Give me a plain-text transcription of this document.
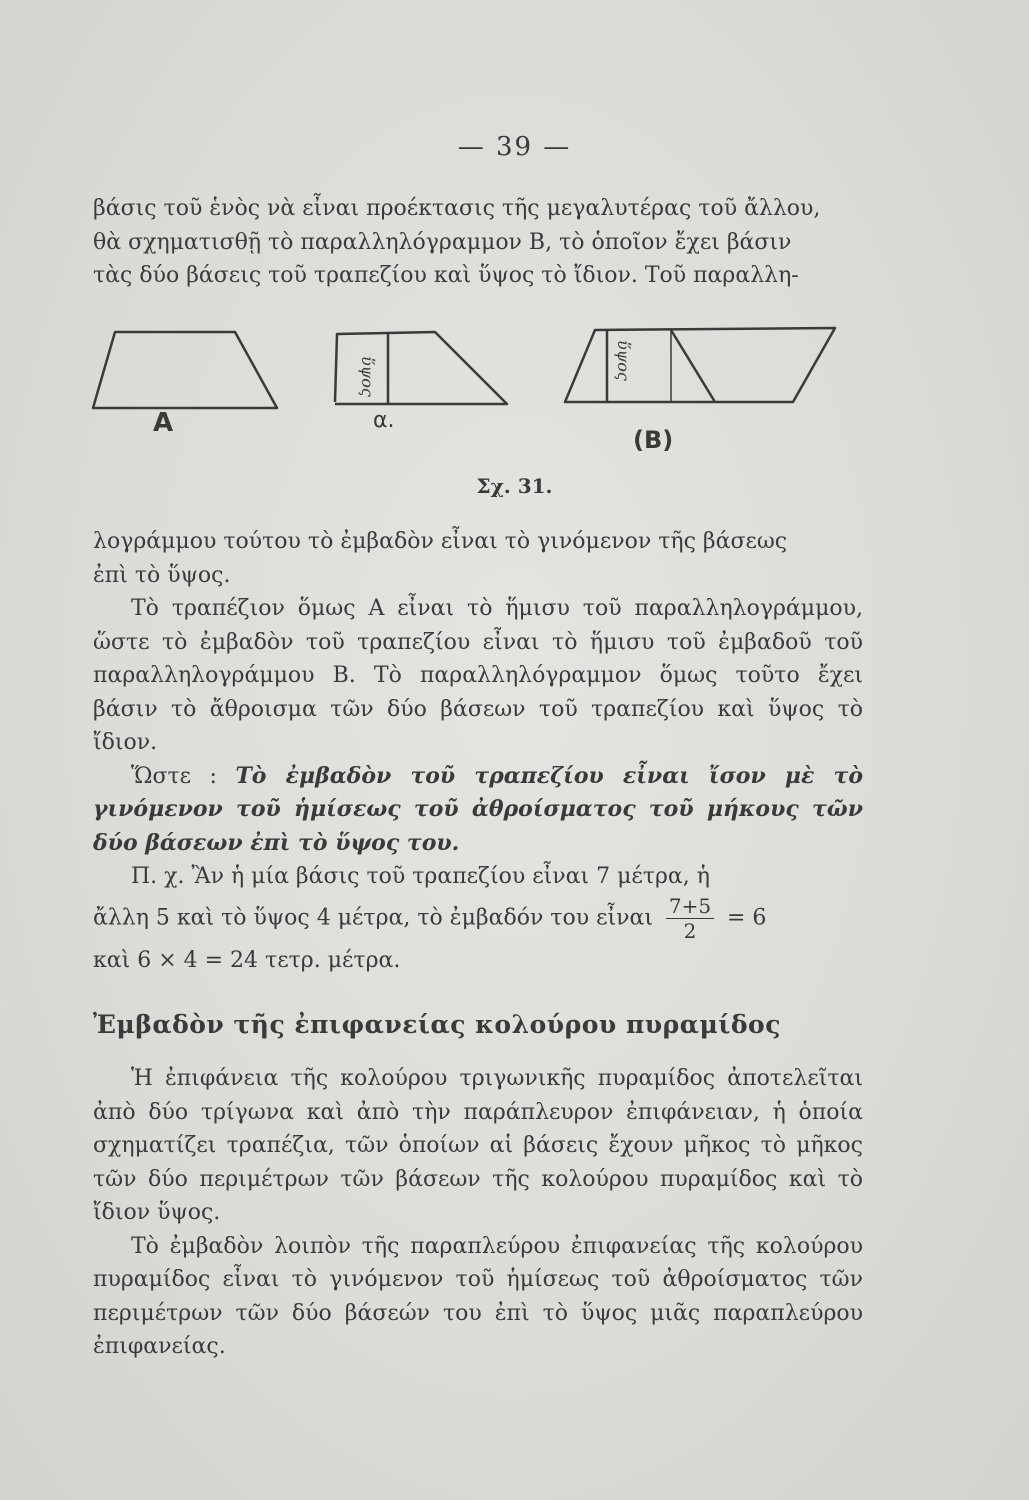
— 39 —

βάσις τοῦ ἑνὸς νὰ εἶναι προέκτασις τῆς μεγαλυτέρας τοῦ ἄλλου,

θὰ σχηματισθῇ τὸ παραλληλόγραμμον Β, τὸ ὁποῖον ἔχει βάσιν

τὰς δύο βάσεις τοῦ τραπεζίου καὶ ὕψος τὸ ἴδιον. Τοῦ παραλλη-

A	α.
(B)
ὕψος	ὕψος
Σχ. 31.

λογράμμου τούτου τὸ ἐμβαδὸν εἶναι τὸ γινόμενον τῆς βάσεως

ἐπὶ τὸ ὕψος.

Τὸ τραπέζιον ὅμως Α εἶναι τὸ ἥμισυ τοῦ παραλληλογράμμου, ὥστε τὸ ἐμβαδὸν τοῦ τραπεζίου εἶναι τὸ ἥμισυ τοῦ ἐμβαδοῦ τοῦ παραλληλογράμμου Β. Τὸ παραλληλόγραμμον ὅμως τοῦτο ἔχει βάσιν τὸ ἄθροισμα τῶν δύο βάσεων τοῦ τραπεζίου καὶ ὕψος τὸ ἴδιον.

Ὥστε : Τὸ ἐμβαδὸν τοῦ τραπεζίου εἶναι ἴσον μὲ τὸ γινόμενον τοῦ ἡμίσεως τοῦ ἀθροίσματος τοῦ μήκους τῶν δύο βάσεων ἐπὶ τὸ ὕψος του.

Π. χ. Ἂν ἡ μία βάσις τοῦ τραπεζίου εἶναι 7 μέτρα, ἡ

ἄλλη 5 καὶ τὸ ὕψος 4 μέτρα, τὸ ἐμβαδόν του εἶναι $\frac{7+5}{2} = 6$

καὶ 6 × 4 = 24 τετρ. μέτρα.

Ἐμβαδὸν τῆς ἐπιφανείας κολούρου πυραμίδος

Ἡ ἐπιφάνεια τῆς κολούρου τριγωνικῆς πυραμίδος ἀποτελεῖται ἀπὸ δύο τρίγωνα καὶ ἀπὸ τὴν παράπλευρον ἐπιφάνειαν, ἡ ὁποία σχηματίζει τραπέζια, τῶν ὁποίων αἱ βάσεις ἔχουν μῆκος τὸ μῆκος τῶν δύο περιμέτρων τῶν βάσεων τῆς κολούρου πυραμίδος καὶ τὸ ἴδιον ὕψος.

Τὸ ἐμβαδὸν λοιπὸν τῆς παραπλεύρου ἐπιφανείας τῆς κολούρου πυραμίδος εἶναι τὸ γινόμενον τοῦ ἡμίσεως τοῦ ἀθροίσματος τῶν περιμέτρων τῶν δύο βάσεών του ἐπὶ τὸ ὕψος μιᾶς παραπλεύρου ἐπιφανείας.
